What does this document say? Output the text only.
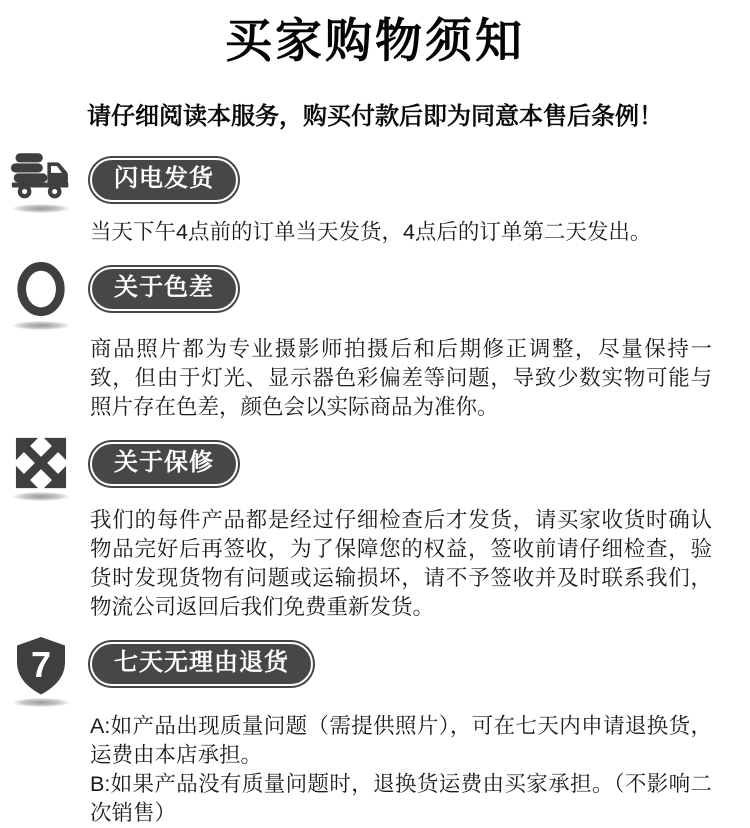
买家购物须知

请仔细阅读本服务，购买付款后即为同意本售后条例！

闪电发货

当天下午4点前的订单当天发货，4点后的订单第二天发出。

关于色差

商品照片都为专业摄影师拍摄后和后期修正调整，尽量保持一致，但由于灯光、显示器色彩偏差等问题，导致少数实物可能与照片存在色差，颜色会以实际商品为准你。

关于保修

我们的每件产品都是经过仔细检查后才发货，请买家收货时确认物品完好后再签收，为了保障您的权益，签收前请仔细检查，验货时发现货物有问题或运输损坏，请不予签收并及时联系我们，物流公司返回后我们免费重新发货。

7	七天无理由退货

A:如产品出现质量问题（需提供照片），可在七天内申请退换货，运费由本店承担。

B:如果产品没有质量问题时，退换货运费由买家承担。（不影响二次销售）
